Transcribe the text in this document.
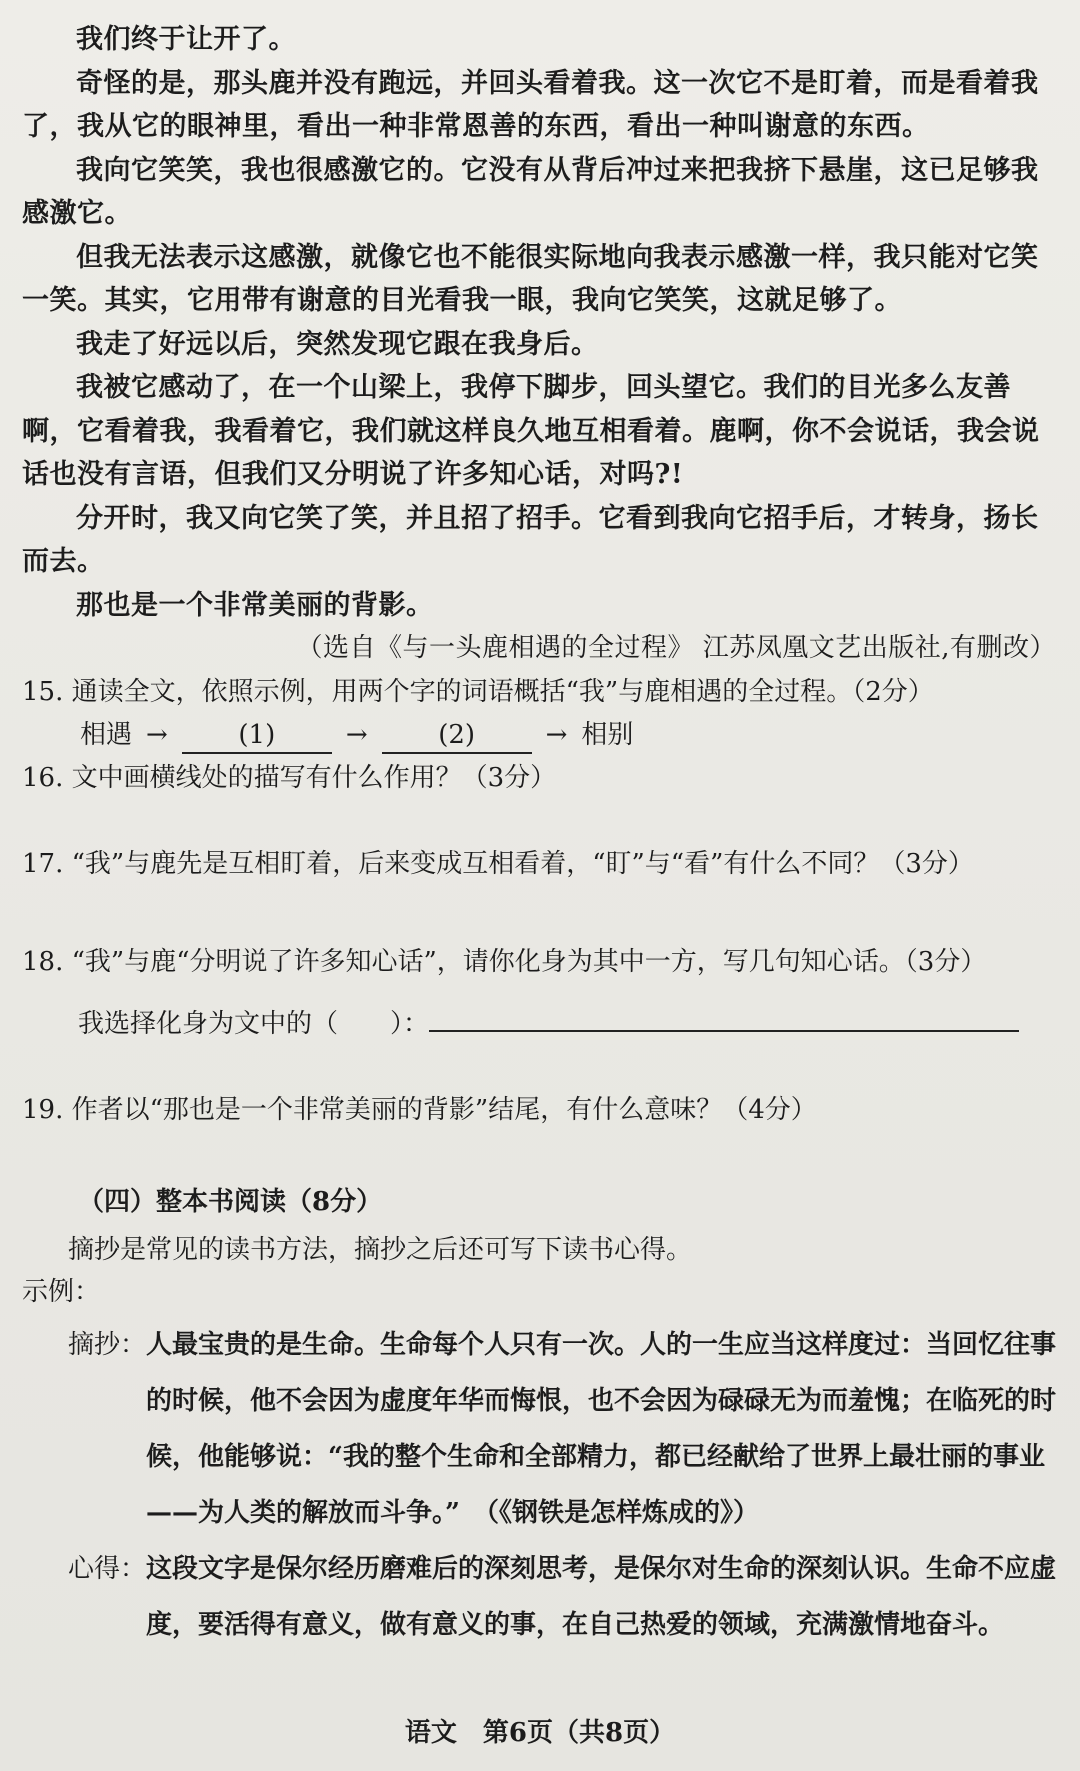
我们终于让开了。

奇怪的是，那头鹿并没有跑远，并回头看着我。这一次它不是盯着，而是看着我了，我从它的眼神里，看出一种非常恩善的东西，看出一种叫谢意的东西。

我向它笑笑，我也很感激它的。它没有从背后冲过来把我挤下悬崖，这已足够我感激它。

但我无法表示这感激，就像它也不能很实际地向我表示感激一样，我只能对它笑一笑。其实，它用带有谢意的目光看我一眼，我向它笑笑，这就足够了。

我走了好远以后，突然发现它跟在我身后。

我被它感动了，在一个山梁上，我停下脚步，回头望它。我们的目光多么友善啊，它看着我，我看着它，我们就这样良久地互相看着。鹿啊，你不会说话，我会说话也没有言语，但我们又分明说了许多知心话，对吗?!

分开时，我又向它笑了笑，并且招了招手。它看到我向它招手后，才转身，扬长而去。

那也是一个非常美丽的背影。

（选自《与一头鹿相遇的全过程》 江苏凤凰文艺出版社,有删改）

15. 通读全文，依照示例，用两个字的词语概括“我”与鹿相遇的全过程。（2分）

相遇 →	(1)	→	(2)	→ 相别

16. 文中画横线处的描写有什么作用？（3分）

17. “我”与鹿先是互相盯着，后来变成互相看着，“盯”与“看”有什么不同？（3分）

18. “我”与鹿“分明说了许多知心话”，请你化身为其中一方，写几句知心话。（3分）

我选择化身为文中的（　　）：

19. 作者以“那也是一个非常美丽的背影”结尾，有什么意味？（4分）

（四）整本书阅读（8分）

摘抄是常见的读书方法，摘抄之后还可写下读书心得。

示例：

摘抄： 人最宝贵的是生命。生命每个人只有一次。人的一生应当这样度过：当回忆往事的时候，他不会因为虚度年华而悔恨，也不会因为碌碌无为而羞愧；在临死的时候，他能够说：“我的整个生命和全部精力，都已经献给了世界上最壮丽的事业——为人类的解放而斗争。”　（《钢铁是怎样炼成的》）

心得： 这段文字是保尔经历磨难后的深刻思考，是保尔对生命的深刻认识。生命不应虚度，要活得有意义，做有意义的事，在自己热爱的领域，充满激情地奋斗。

语文　第6页（共8页）
